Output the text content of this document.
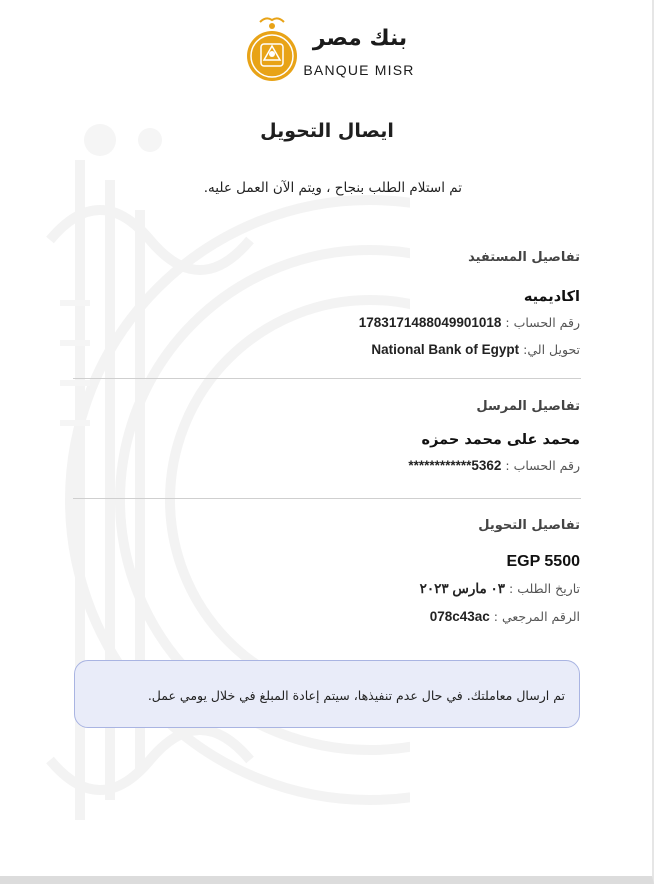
بنك مصر
BANQUE MISR
ايصال التحويل
تم استلام الطلب بنجاح ، ويتم الآن العمل عليه.
تفاصيل المستفيد
اكاديميه
رقم الحساب : 1783171488049901018
تحويل الي: National Bank of Egypt
تفاصيل المرسل
محمد على محمد حمزه
رقم الحساب : 5362************
تفاصيل التحويل
EGP 5500
تاريخ الطلب : ٠٣ مارس ٢٠٢٣
الرقم المرجعي : 078c43ac
تم ارسال معاملتك. في حال عدم تنفيذها، سيتم إعادة المبلغ في خلال يومي عمل.
